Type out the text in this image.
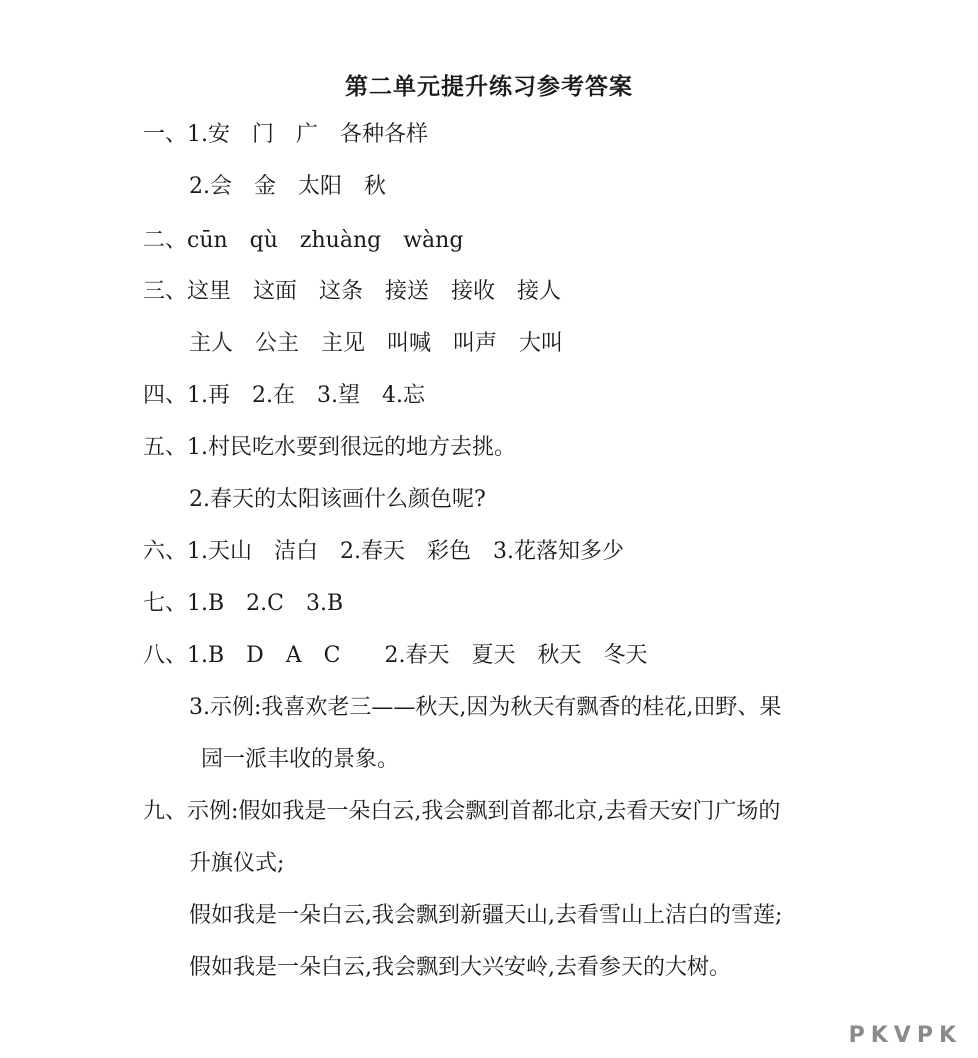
第二单元提升练习参考答案
一、1.安　门　广　各种各样
2.会　金　太阳　秋
二、cūn　qù　zhuàng　wàng
三、这里　这面　这条　接送　接收　接人
主人　公主　主见　叫喊　叫声　大叫
四、1.再　2.在　3.望　4.忘
五、1.村民吃水要到很远的地方去挑。
2.春天的太阳该画什么颜色呢?
六、1.天山　洁白　2.春天　彩色　3.花落知多少
七、1.B　2.C　3.B
八、1.B　D　A　C　　2.春天　夏天　秋天　冬天
3.示例:我喜欢老三——秋天,因为秋天有飘香的桂花,田野、果
园一派丰收的景象。
九、示例:假如我是一朵白云,我会飘到首都北京,去看天安门广场的
升旗仪式;
假如我是一朵白云,我会飘到新疆天山,去看雪山上洁白的雪莲;
假如我是一朵白云,我会飘到大兴安岭,去看参天的大树。
PKVPK
